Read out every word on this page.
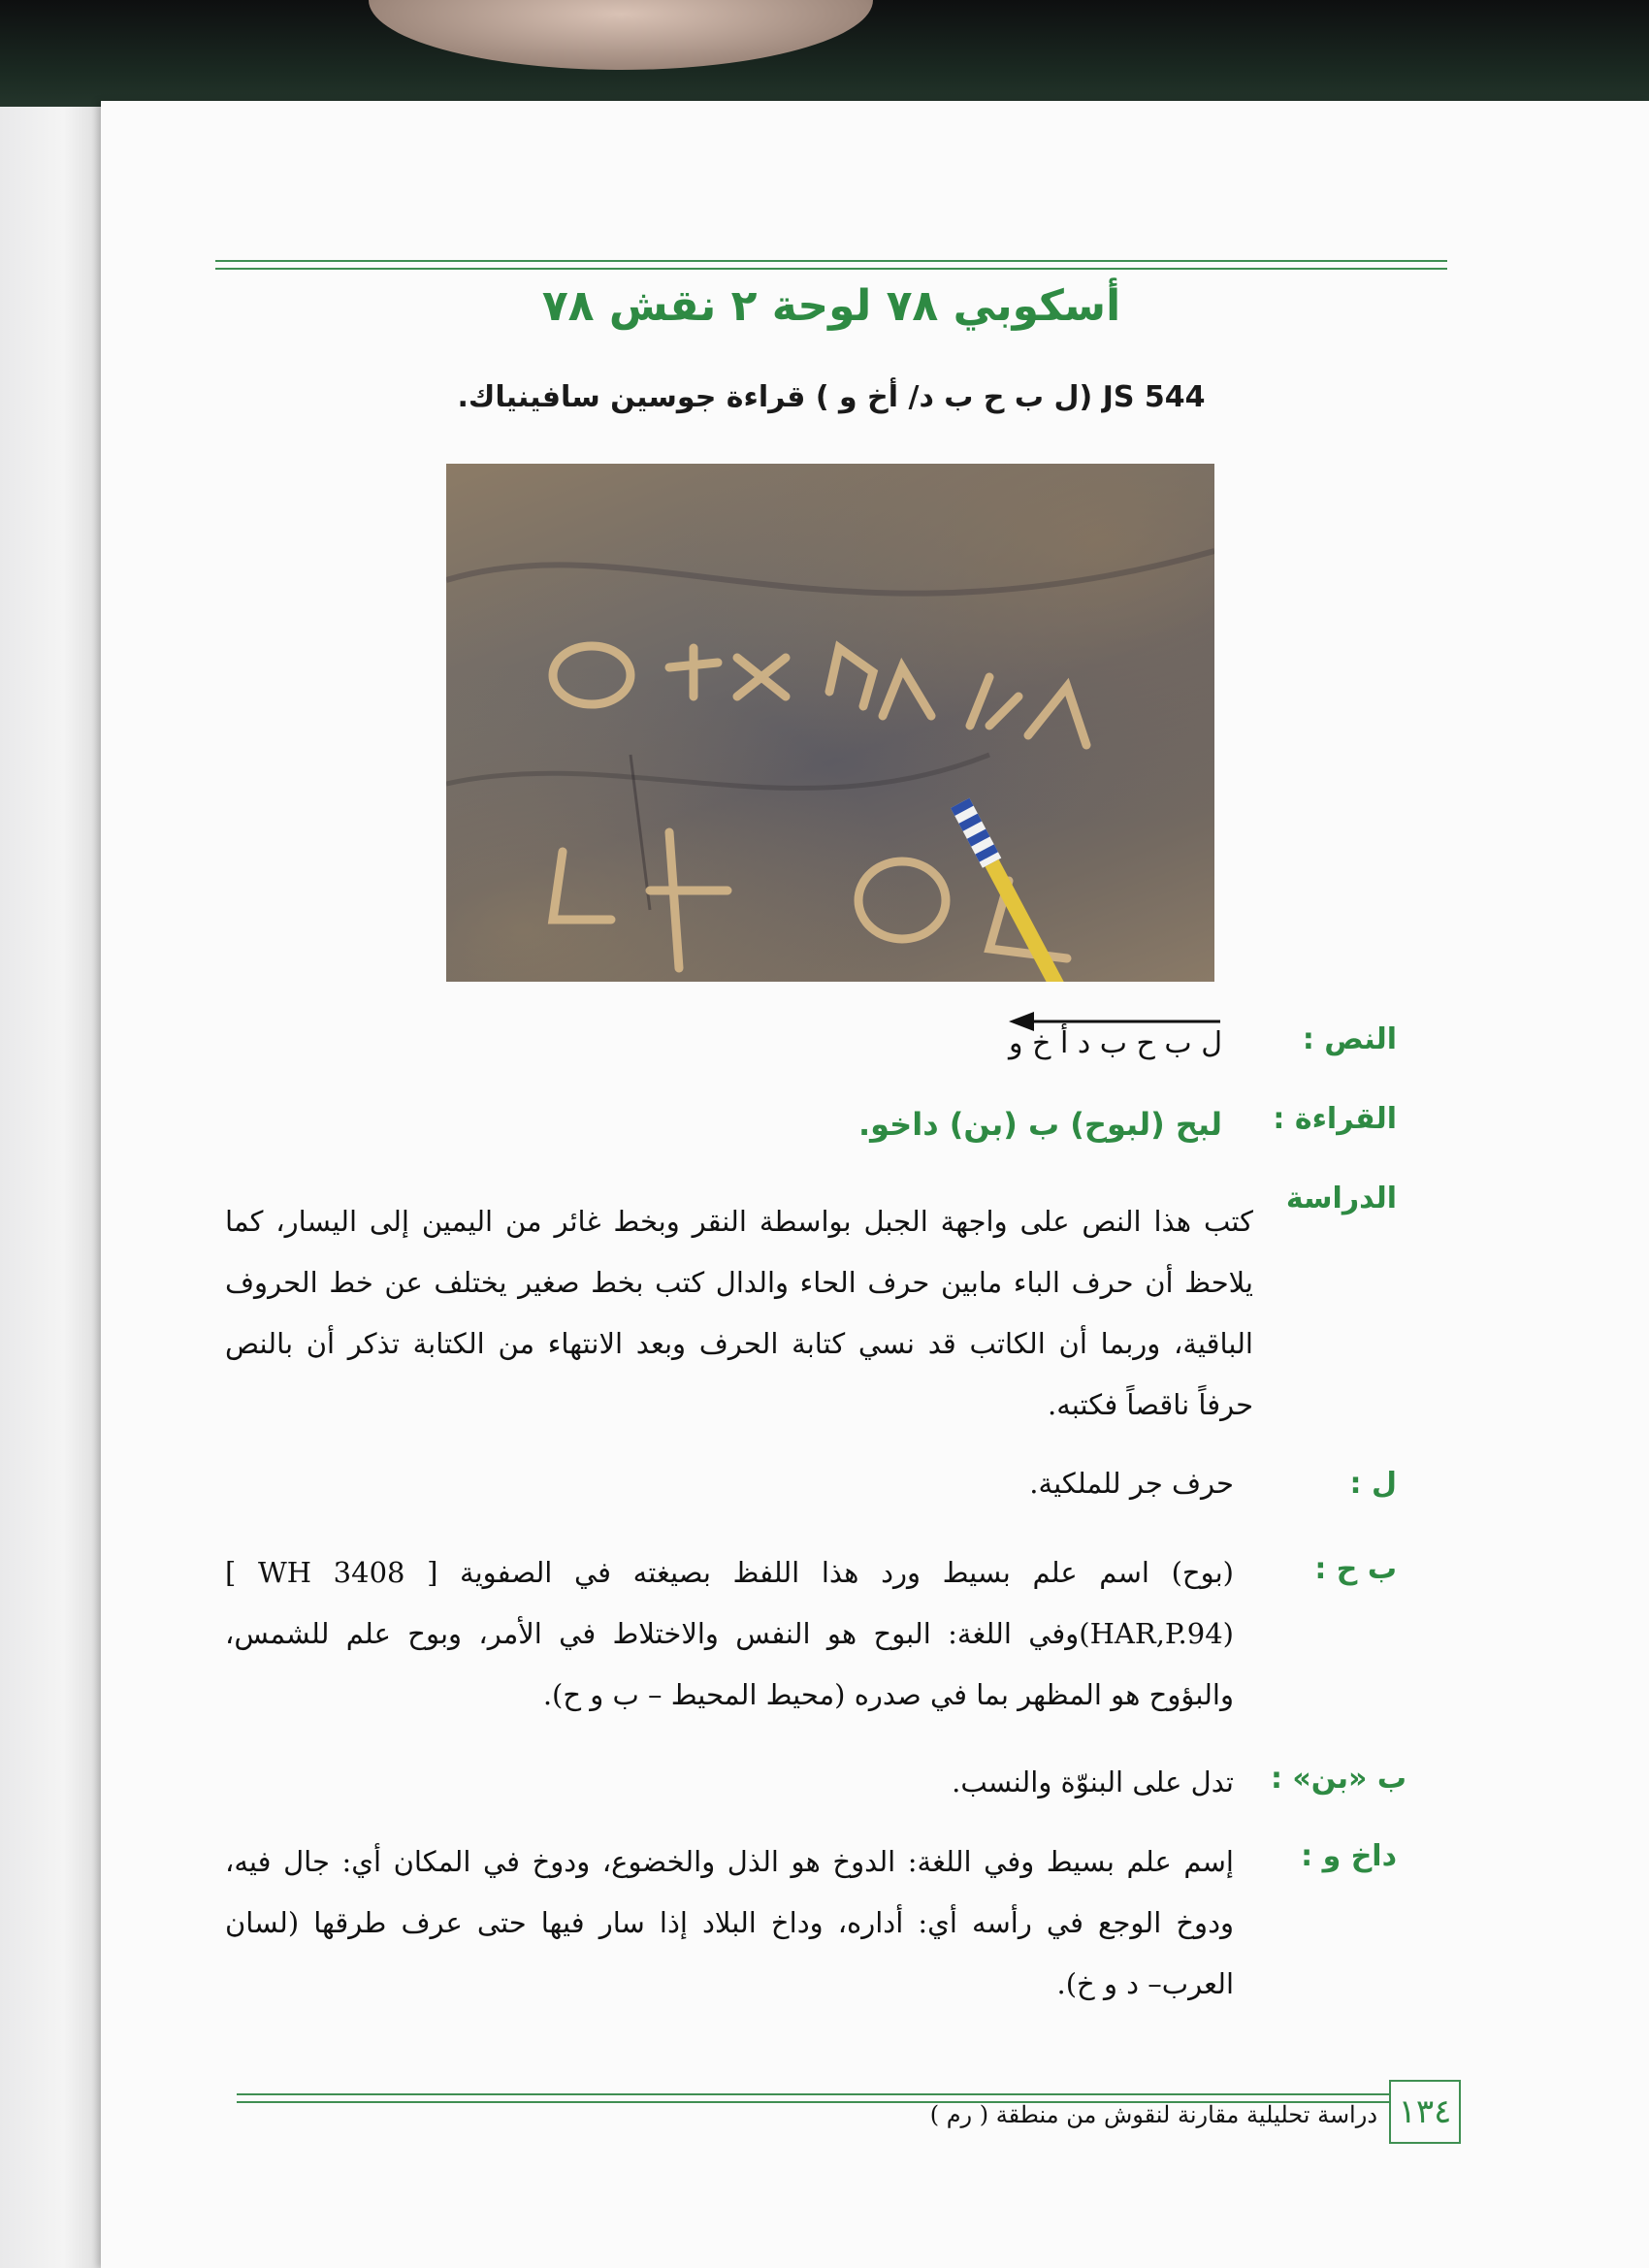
أسكوبي ٧٨ لوحة ٢ نقش ٧٨
JS 544 (ل ب ح ب د/ أخ و ) قراءة جوسين سافينياك.
النص :
ل ب ح ب د أ خ و
القراءة :
لبح (لبوح) ب (بن) داخو.
الدراسة
كتب هذا النص على واجهة الجبل بواسطة النقر وبخط غائر من اليمين إلى اليسار، كما يلاحظ أن حرف الباء مابين حرف الحاء والدال كتب بخط صغير يختلف عن خط الحروف الباقية، وربما أن الكاتب قد نسي كتابة الحرف وبعد الانتهاء من الكتابة تذكر أن بالنص حرفاً ناقصاً فكتبه.
ل :
حرف جر للملكية.
ب ح :
(بوح) اسم علم بسيط ورد هذا اللفظ بصيغته في الصفوية [ WH 3408 ] (HAR,P.94)وفي اللغة: البوح هو النفس والاختلاط في الأمر، وبوح علم للشمس، والبؤوح هو المظهر بما في صدره (محيط المحيط – ب و ح).
ب «بن» :
تدل على البنوّة والنسب.
داخ و :
إسم علم بسيط وفي اللغة: الدوخ هو الذل والخضوع، ودوخ في المكان أي: جال فيه، ودوخ الوجع في رأسه أي: أداره، وداخ البلاد إذا سار فيها حتى عرف طرقها (لسان العرب– د و خ).
١٣٤
دراسة تحليلية مقارنة لنقوش من منطقة ( رم )
